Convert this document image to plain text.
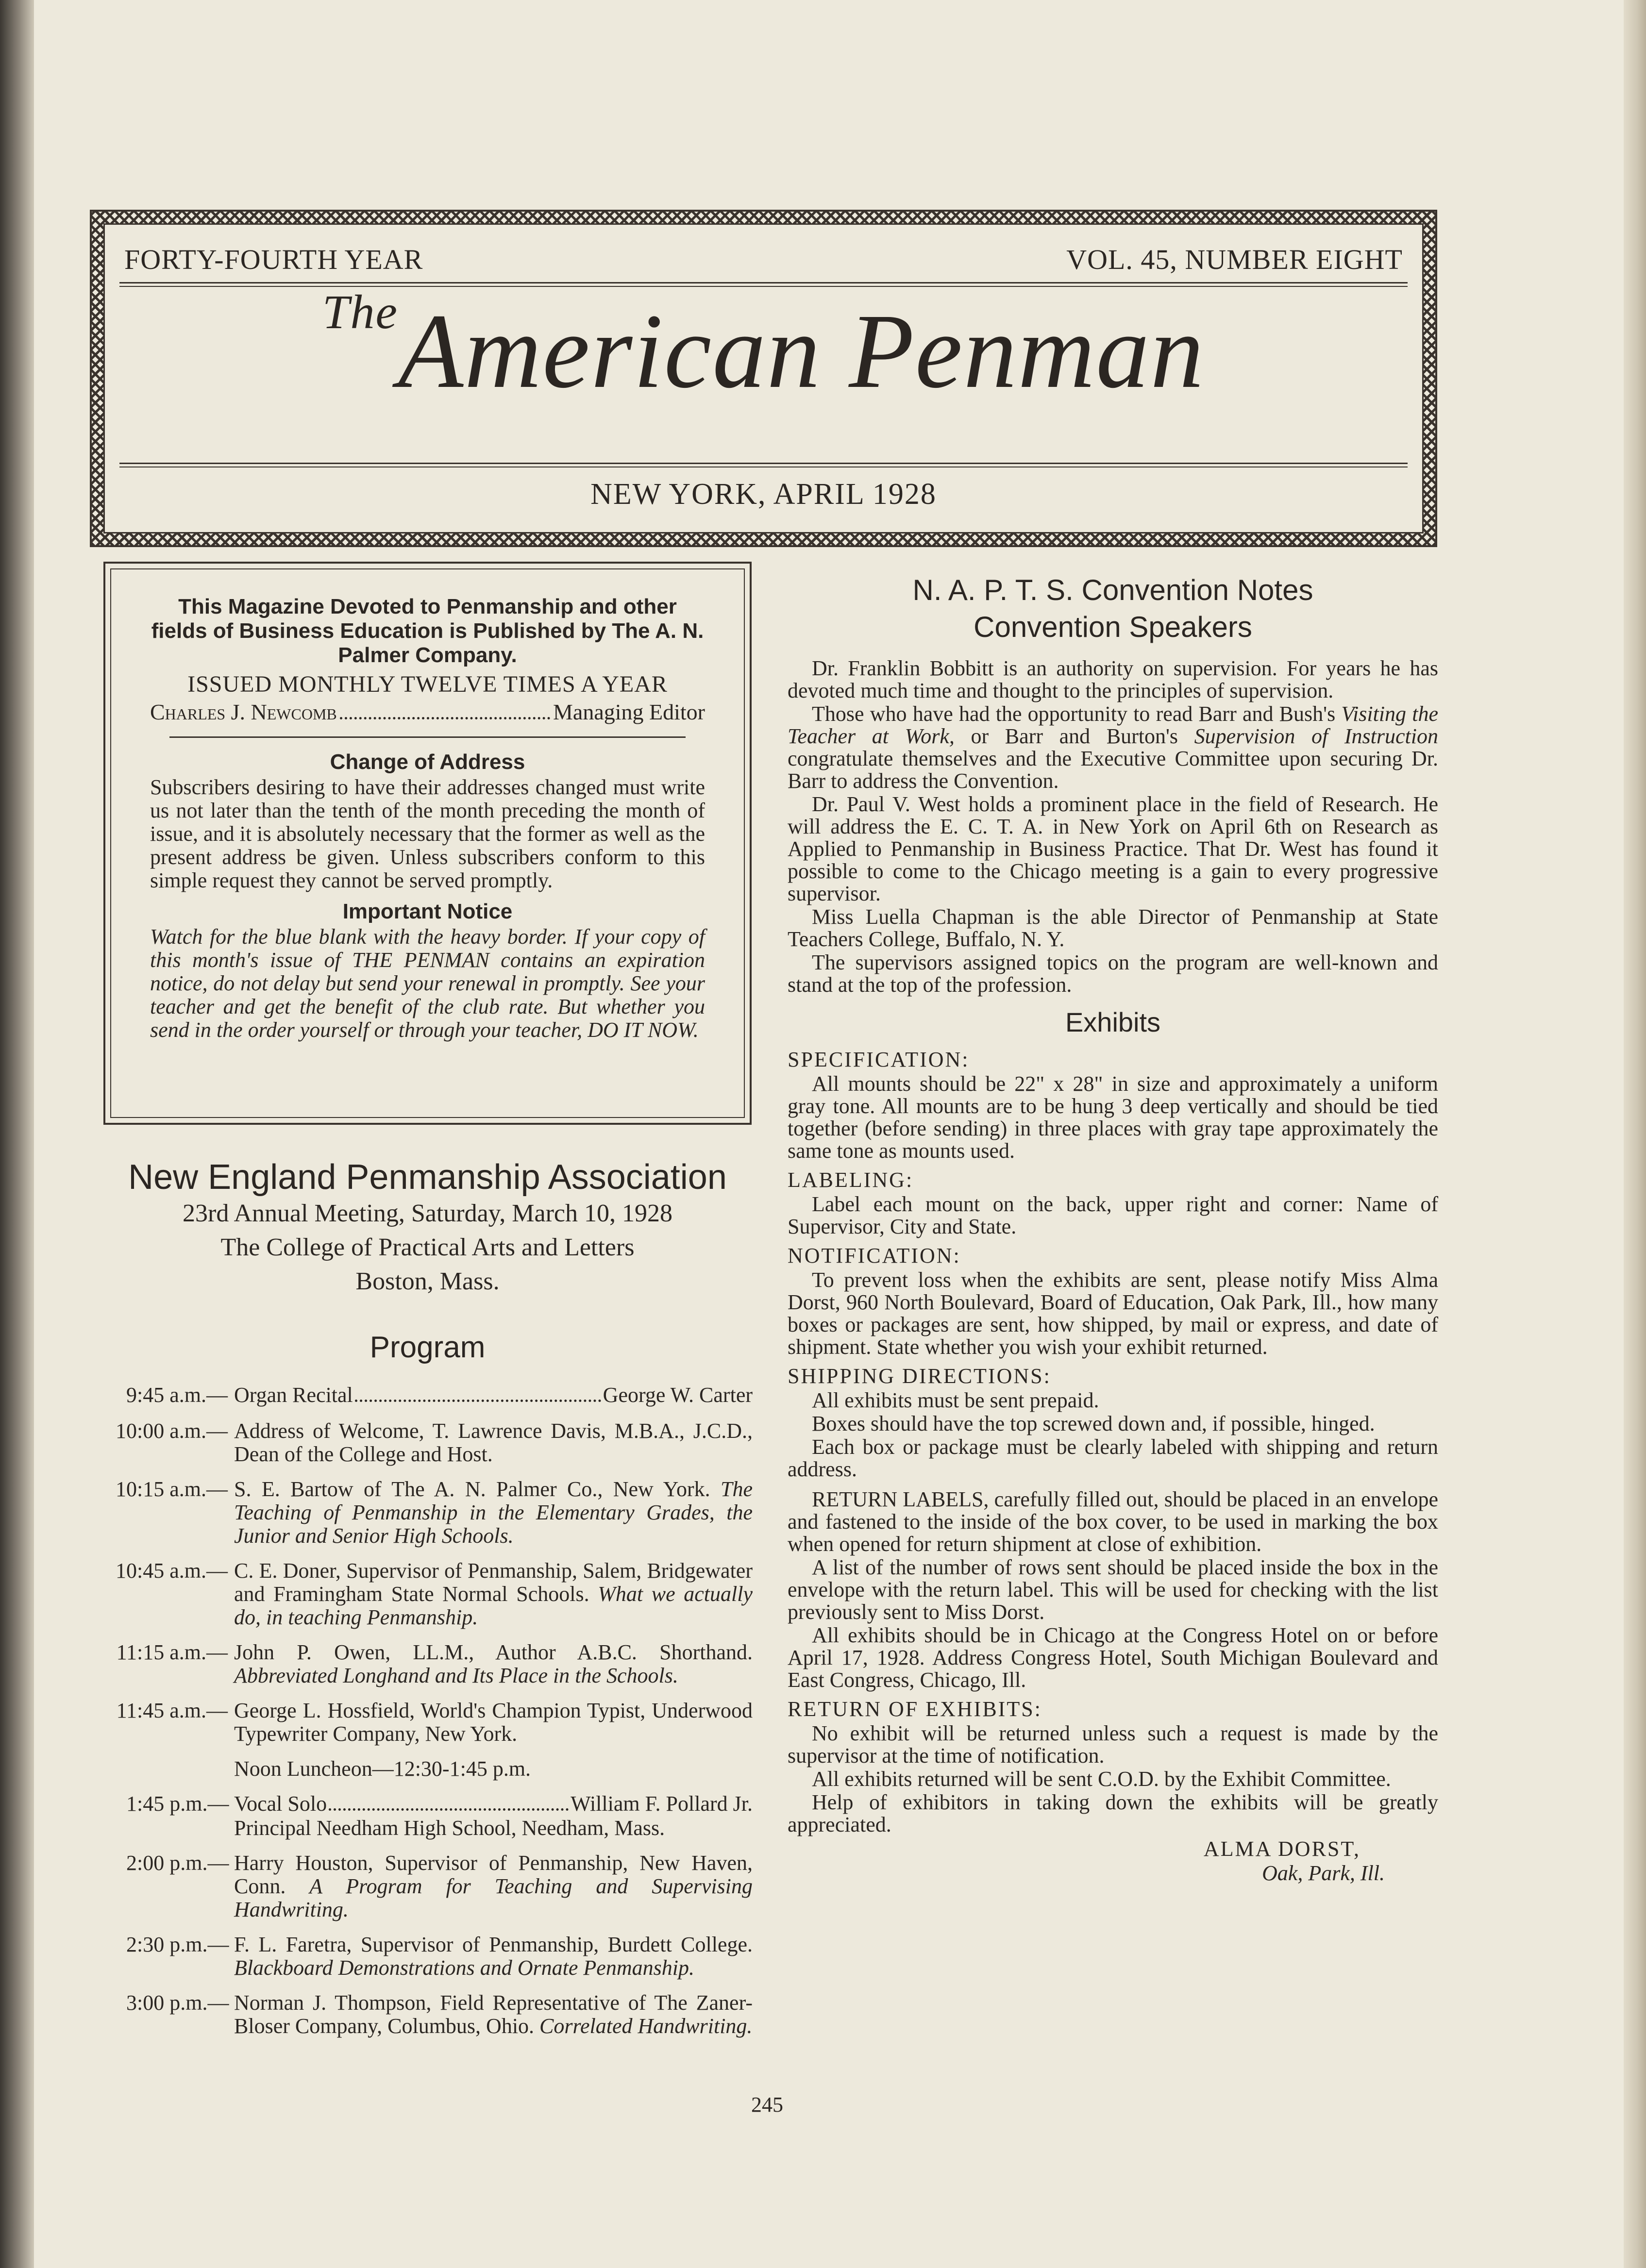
FORTY-FOURTH YEAR	VOL. 45, NUMBER EIGHT
$^{The}$American Penman
NEW YORK, APRIL 1928

This Magazine Devoted to Penmanship and other fields of Business Education is Published by The A. N. Palmer Company.

ISSUED MONTHLY TWELVE TIMES A YEAR
Charles J. Newcomb	Managing Editor
Change of Address
Subscribers desiring to have their addresses changed must write us not later than the tenth of the month preceding the month of issue, and it is absolutely necessary that the former as well as the present address be given. Unless subscribers conform to this simple request they cannot be served promptly.
Important Notice
Watch for the blue blank with the heavy border. If your copy of this month's issue of THE PENMAN contains an expiration notice, do not delay but send your renewal in promptly. See your teacher and get the benefit of the club rate. But whether you send in the order yourself or through your teacher, DO IT NOW.
New England Penmanship Association
23rd Annual Meeting, Saturday, March 10, 1928
The College of Practical Arts and Letters
Boston, Mass.
Program
9:45 a.m.— Organ Recital	George W. Carter
10:00 a.m.— Address of Welcome, T. Lawrence Davis, M.B.A., J.C.D., Dean of the College and Host.
10:15 a.m.— S. E. Bartow of The A. N. Palmer Co., New York. The Teaching of Penmanship in the Elementary Grades, the Junior and Senior High Schools.
10:45 a.m.— C. E. Doner, Supervisor of Penmanship, Salem, Bridgewater and Framingham State Normal Schools. What we actually do, in teaching Penmanship.
11:15 a.m.— John P. Owen, LL.M., Author A.B.C. Shorthand. Abbreviated Longhand and Its Place in the Schools.
11:45 a.m.— George L. Hossfield, World's Champion Typist, Underwood Typewriter Company, New York.
Noon Luncheon—12:30-1:45 p.m.
1:45 p.m.— Vocal Solo	William F. Pollard Jr.
Principal Needham High School, Needham, Mass.
2:00 p.m.— Harry Houston, Supervisor of Penmanship, New Haven, Conn. A Program for Teaching and Supervising Handwriting.
2:30 p.m.— F. L. Faretra, Supervisor of Penmanship, Burdett College. Blackboard Demonstrations and Ornate Penmanship.
3:00 p.m.— Norman J. Thompson, Field Representative of The Zaner-Bloser Company, Columbus, Ohio. Correlated Handwriting.
N. A. P. T. S. Convention Notes
Convention Speakers

Dr. Franklin Bobbitt is an authority on supervision. For years he has devoted much time and thought to the principles of supervision.

Those who have had the opportunity to read Barr and Bush's Visiting the Teacher at Work, or Barr and Burton's Supervision of Instruction congratulate themselves and the Executive Committee upon securing Dr. Barr to address the Convention.

Dr. Paul V. West holds a prominent place in the field of Research. He will address the E. C. T. A. in New York on April 6th on Research as Applied to Penmanship in Business Practice. That Dr. West has found it possible to come to the Chicago meeting is a gain to every progressive supervisor.

Miss Luella Chapman is the able Director of Penmanship at State Teachers College, Buffalo, N. Y.

The supervisors assigned topics on the program are well-known and stand at the top of the profession.

Exhibits
SPECIFICATION:

All mounts should be 22" x 28" in size and approximately a uniform gray tone. All mounts are to be hung 3 deep vertically and should be tied together (before sending) in three places with gray tape approximately the same tone as mounts used.

LABELING:

Label each mount on the back, upper right and corner: Name of Supervisor, City and State.

NOTIFICATION:

To prevent loss when the exhibits are sent, please notify Miss Alma Dorst, 960 North Boulevard, Board of Education, Oak Park, Ill., how many boxes or packages are sent, how shipped, by mail or express, and date of shipment. State whether you wish your exhibit returned.

SHIPPING DIRECTIONS:

All exhibits must be sent prepaid.

Boxes should have the top screwed down and, if possible, hinged.

Each box or package must be clearly labeled with shipping and return address.

RETURN LABELS, carefully filled out, should be placed in an envelope and fastened to the inside of the box cover, to be used in marking the box when opened for return shipment at close of exhibition.

A list of the number of rows sent should be placed inside the box in the envelope with the return label. This will be used for checking with the list previously sent to Miss Dorst.

All exhibits should be in Chicago at the Congress Hotel on or before April 17, 1928. Address Congress Hotel, South Michigan Boulevard and East Congress, Chicago, Ill.

RETURN OF EXHIBITS:

No exhibit will be returned unless such a request is made by the supervisor at the time of notification.

All exhibits returned will be sent C.O.D. by the Exhibit Committee.

Help of exhibitors in taking down the exhibits will be greatly appreciated.

ALMA DORST,
Oak, Park, Ill.
245
